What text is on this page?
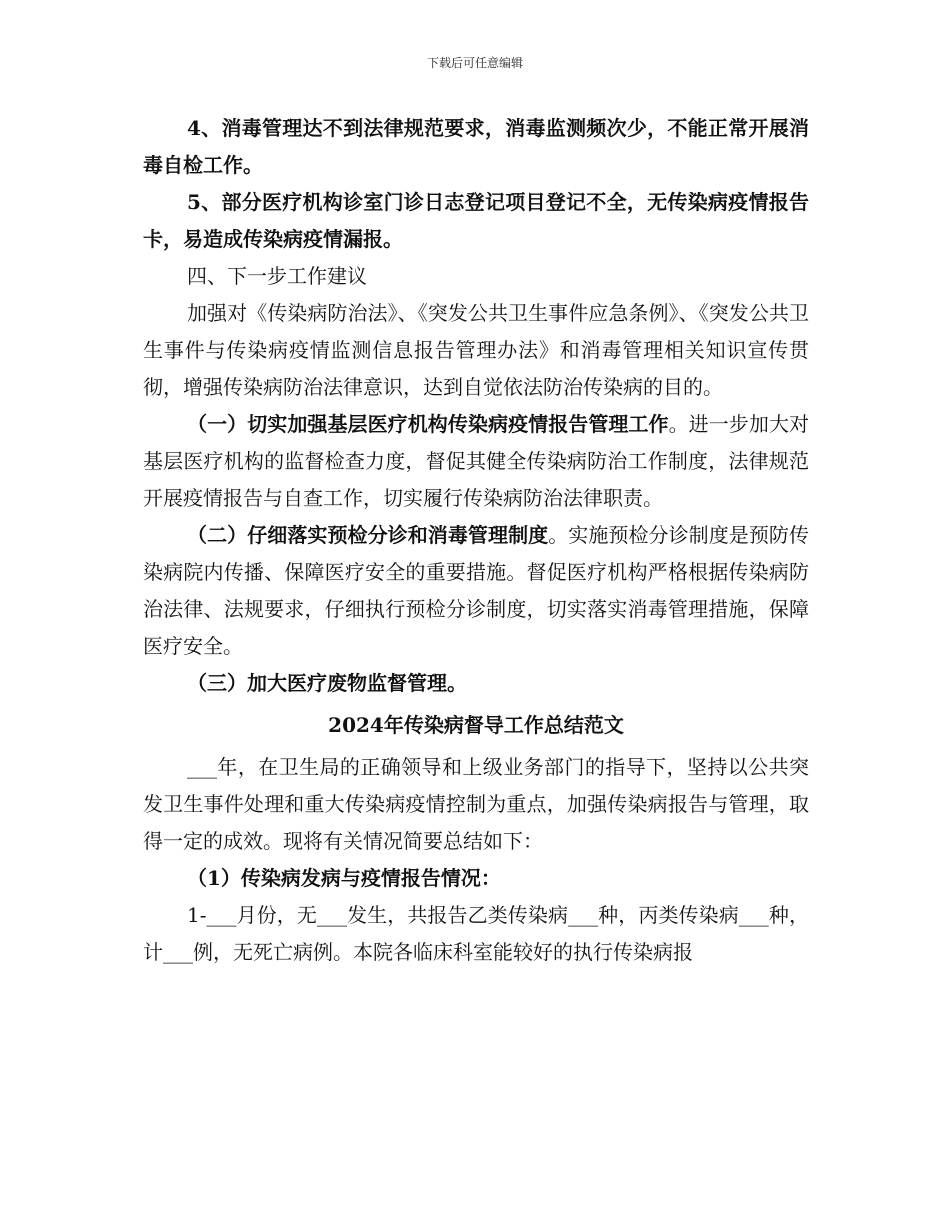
下载后可任意编辑

4、消毒管理达不到法律规范要求，消毒监测频次少，不能正常开展消毒自检工作。

5、部分医疗机构诊室门诊日志登记项目登记不全，无传染病疫情报告卡，易造成传染病疫情漏报。

四、下一步工作建议

加强对《传染病防治法》、《突发公共卫生事件应急条例》、《突发公共卫生事件与传染病疫情监测信息报告管理办法》和消毒管理相关知识宣传贯彻，增强传染病防治法律意识，达到自觉依法防治传染病的目的。

（一）切实加强基层医疗机构传染病疫情报告管理工作。进一步加大对基层医疗机构的监督检查力度，督促其健全传染病防治工作制度，法律规范开展疫情报告与自查工作，切实履行传染病防治法律职责。

（二）仔细落实预检分诊和消毒管理制度。实施预检分诊制度是预防传染病院内传播、保障医疗安全的重要措施。督促医疗机构严格根据传染病防治法律、法规要求，仔细执行预检分诊制度，切实落实消毒管理措施，保障医疗安全。

（三）加大医疗废物监督管理。

2024年传染病督导工作总结范文

___年，在卫生局的正确领导和上级业务部门的指导下，坚持以公共突发卫生事件处理和重大传染病疫情控制为重点，加强传染病报告与管理，取得一定的成效。现将有关情况简要总结如下：

（1）传染病发病与疫情报告情况：

1-___月份，无___发生，共报告乙类传染病___种，丙类传染病___种，计___例，无死亡病例。本院各临床科室能较好的执行传染病报
